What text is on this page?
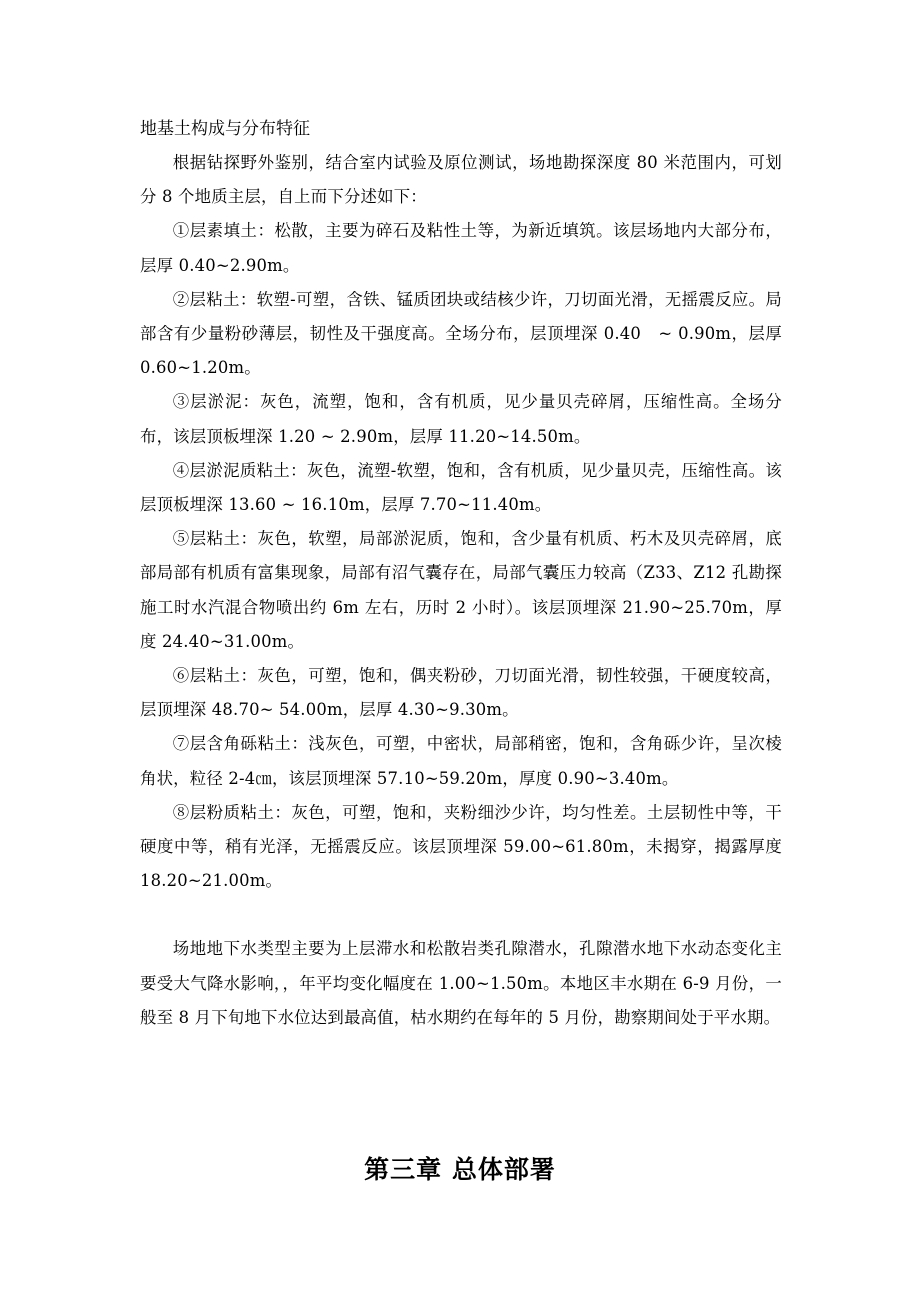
地基土构成与分布特征

根据钻探野外鉴别，结合室内试验及原位测试，场地勘探深度 80 米范围内，可划分 8 个地质主层，自上而下分述如下：

①层素填土：松散，主要为碎石及粘性土等，为新近填筑。该层场地内大部分布，层厚 0.40~2.90m。

②层粘土：软塑-可塑，含铁、锰质团块或结核少许，刀切面光滑，无摇震反应。局部含有少量粉砂薄层，韧性及干强度高。全场分布，层顶埋深 0.40　~ 0.90m，层厚 0.60~1.20m。

③层淤泥：灰色，流塑，饱和，含有机质，见少量贝壳碎屑，压缩性高。全场分布，该层顶板埋深 1.20 ~ 2.90m，层厚 11.20~14.50m。

④层淤泥质粘土：灰色，流塑-软塑，饱和，含有机质，见少量贝壳，压缩性高。该层顶板埋深 13.60 ~ 16.10m，层厚 7.70~11.40m。

⑤层粘土：灰色，软塑，局部淤泥质，饱和，含少量有机质、朽木及贝壳碎屑，底部局部有机质有富集现象，局部有沼气囊存在，局部气囊压力较高（Z33、Z12 孔勘探施工时水汽混合物喷出约 6m 左右，历时 2 小时）。该层顶埋深 21.90~25.70m，厚度 24.40~31.00m。

⑥层粘土：灰色，可塑，饱和，偶夹粉砂，刀切面光滑，韧性较强，干硬度较高，层顶埋深 48.70~ 54.00m，层厚 4.30~9.30m。

⑦层含角砾粘土：浅灰色，可塑，中密状，局部稍密，饱和，含角砾少许，呈次棱角状，粒径 2-4㎝，该层顶埋深 57.10~59.20m，厚度 0.90~3.40m。

⑧层粉质粘土：灰色，可塑，饱和，夹粉细沙少许，均匀性差。土层韧性中等，干硬度中等，稍有光泽，无摇震反应。该层顶埋深 59.00~61.80m，未揭穿，揭露厚度 18.20~21.00m。

场地地下水类型主要为上层滞水和松散岩类孔隙潜水，孔隙潜水地下水动态变化主要受大气降水影响，，年平均变化幅度在 1.00~1.50m。本地区丰水期在 6-9 月份，一般至 8 月下旬地下水位达到最高值，枯水期约在每年的 5 月份，勘察期间处于平水期。

第三章 总体部署
